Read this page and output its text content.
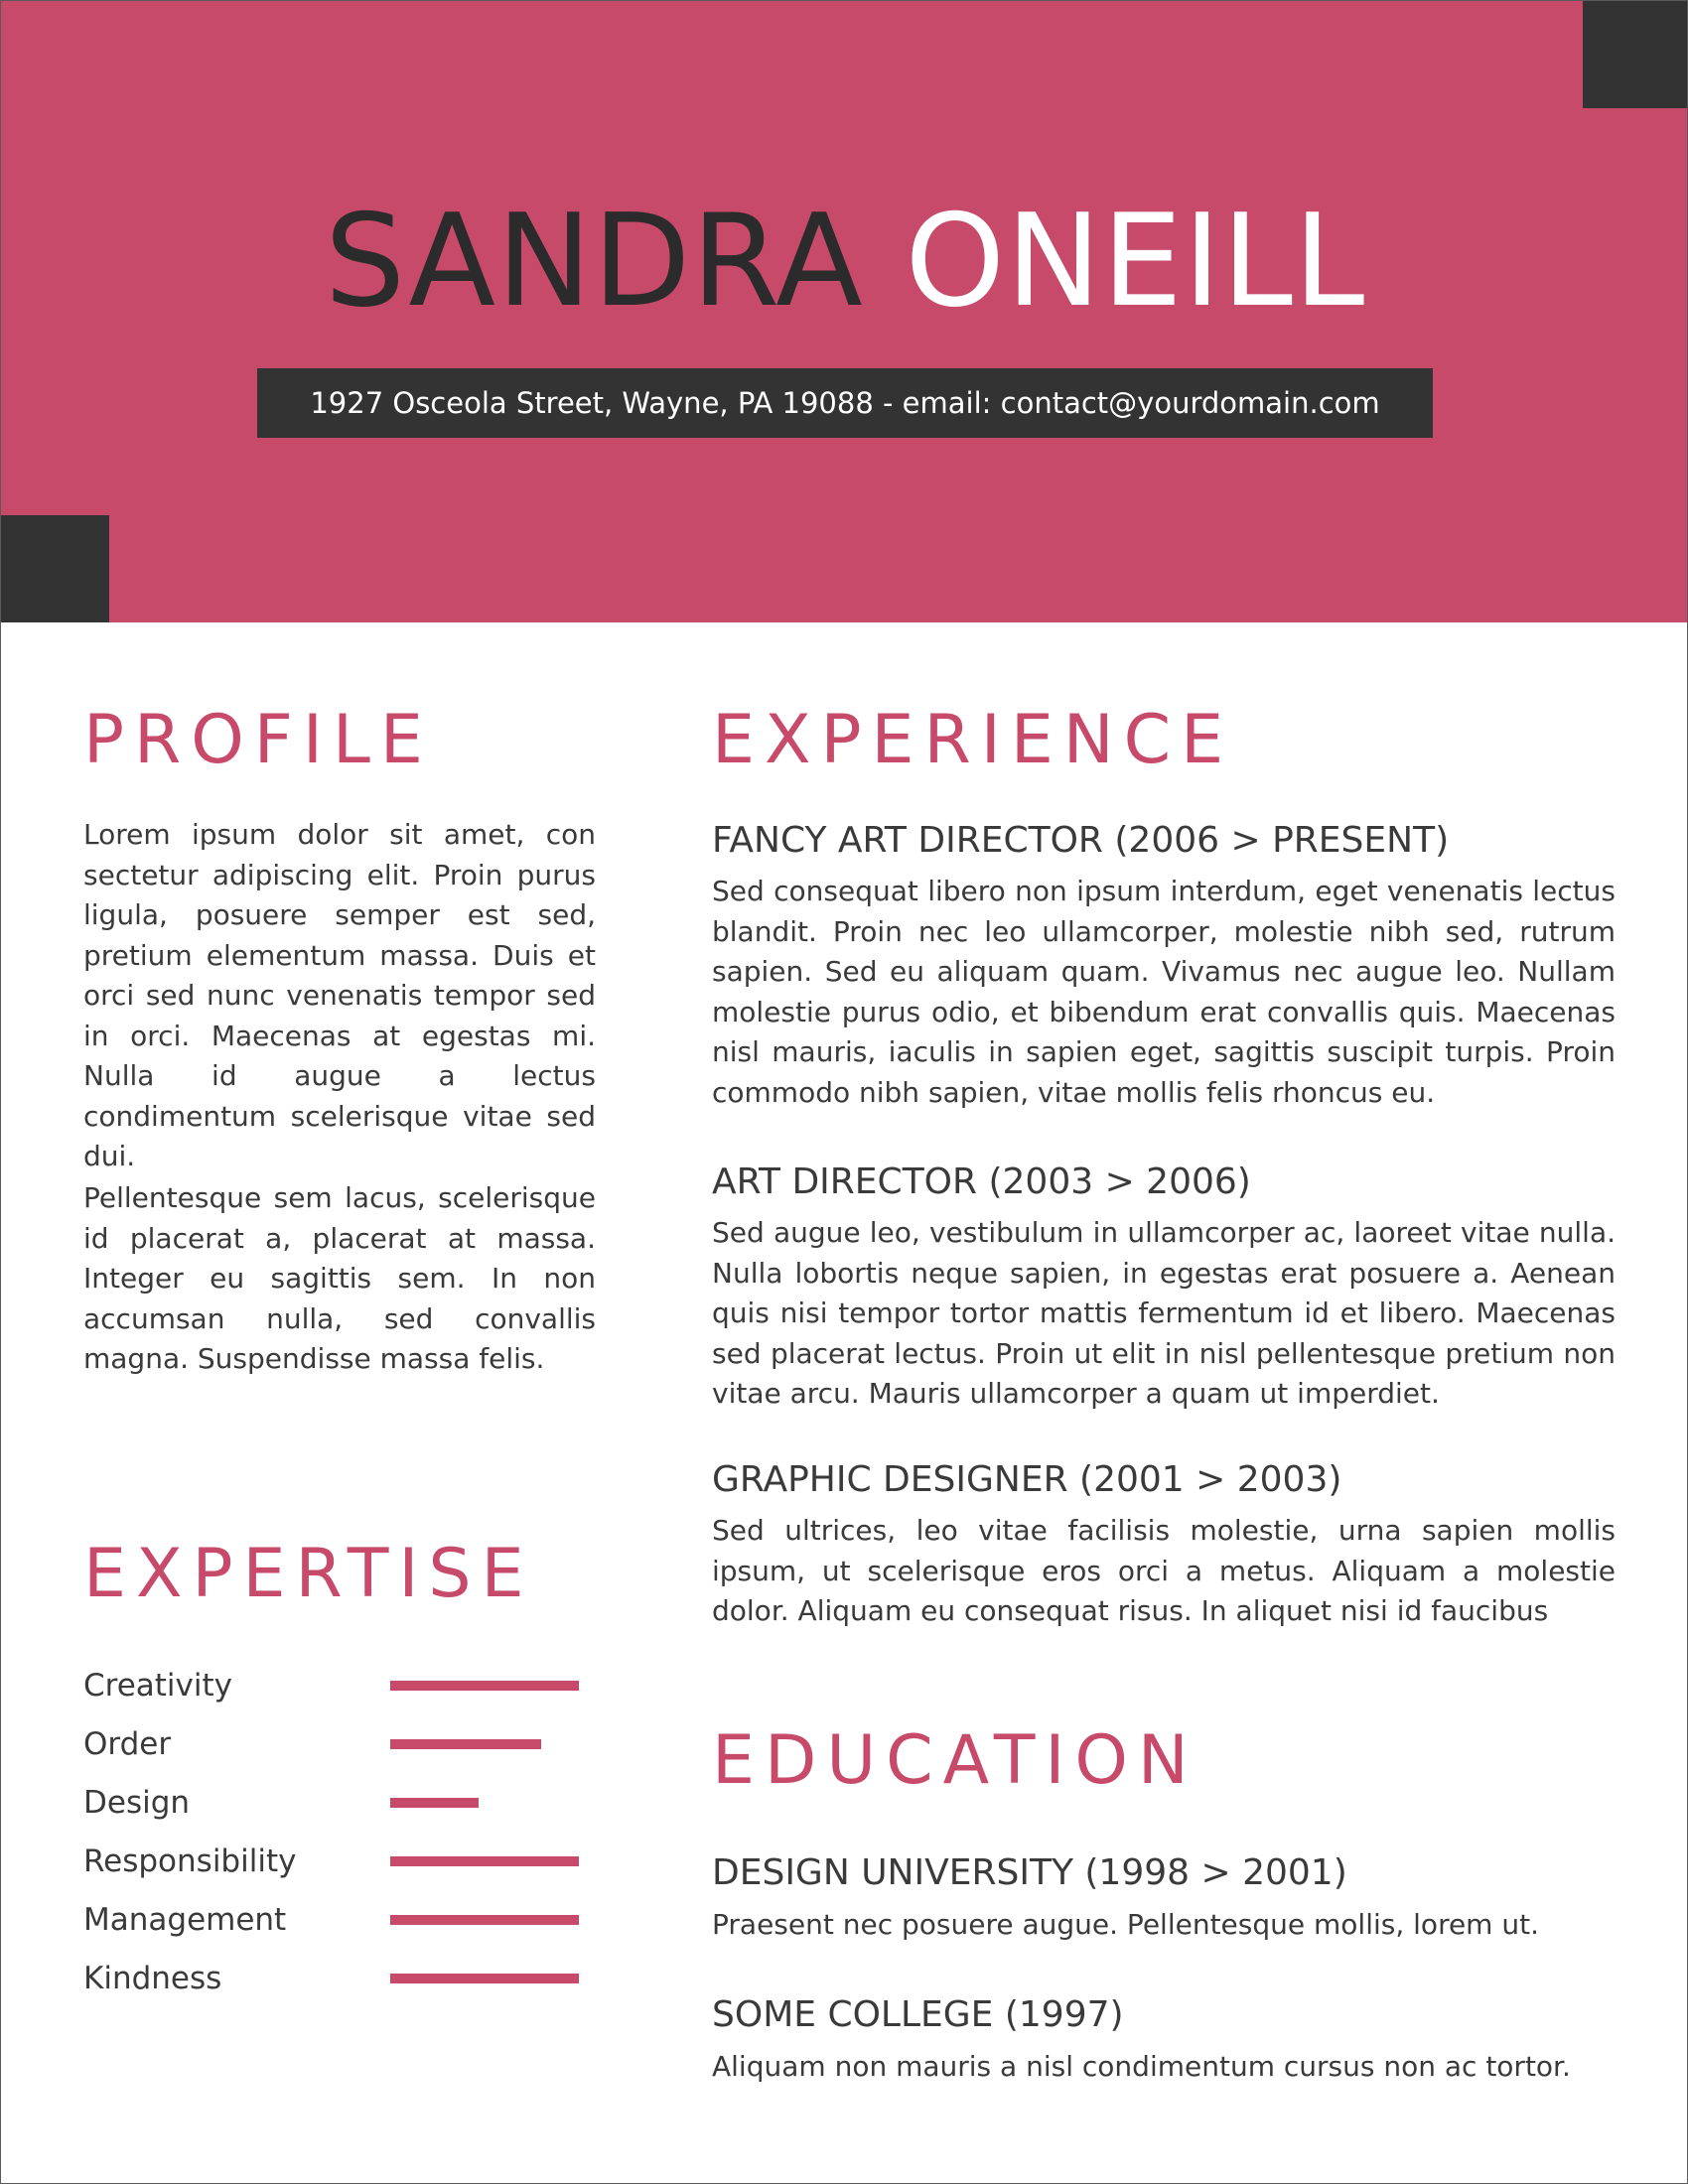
SANDRA ONEILL
1927 Osceola Street, Wayne, PA 19088 - email: contact@yourdomain.com
PROFILE

Lorem ipsum dolor sit amet, con sectetur adipiscing elit. Proin purus ligula, posuere semper est sed, pretium elementum massa. Duis et orci sed nunc venenatis tempor sed in orci. Maecenas at egestas mi. Nulla id augue a lectus condimentum scelerisque vitae sed dui.

Pellentesque sem lacus, scelerisque id placerat a, placerat at massa. Integer eu sagittis sem. In non accumsan nulla, sed convallis magna. Suspendisse massa felis.

EXPERTISE
Creativity
Order
Design
Responsibility
Management
Kindness
EXPERIENCE
FANCY ART DIRECTOR (2006 > PRESENT)

Sed consequat libero non ipsum interdum, eget venenatis lectus blandit. Proin nec leo ullamcorper, molestie nibh sed, rutrum sapien. Sed eu aliquam quam. Vivamus nec augue leo. Nullam molestie purus odio, et bibendum erat convallis quis. Maecenas nisl mauris, iaculis in sapien eget, sagittis suscipit turpis. Proin commodo nibh sapien, vitae mollis felis rhoncus eu.

ART DIRECTOR (2003 > 2006)

Sed augue leo, vestibulum in ullamcorper ac, laoreet vitae nulla. Nulla lobortis neque sapien, in egestas erat posuere a. Aenean quis nisi tempor tortor mattis fermentum id et libero. Maecenas sed placerat lectus. Proin ut elit in nisl pellentesque pretium non vitae arcu. Mauris ullamcorper a quam ut imperdiet.

GRAPHIC DESIGNER (2001 > 2003)

Sed ultrices, leo vitae facilisis molestie, urna sapien mollis ipsum, ut scelerisque eros orci a metus. Aliquam a molestie dolor. Aliquam eu consequat risus. In aliquet nisi id faucibus

EDUCATION
DESIGN UNIVERSITY (1998 > 2001)

Praesent nec posuere augue. Pellentesque mollis, lorem ut.

SOME COLLEGE (1997)

Aliquam non mauris a nisl condimentum cursus non ac tortor.
